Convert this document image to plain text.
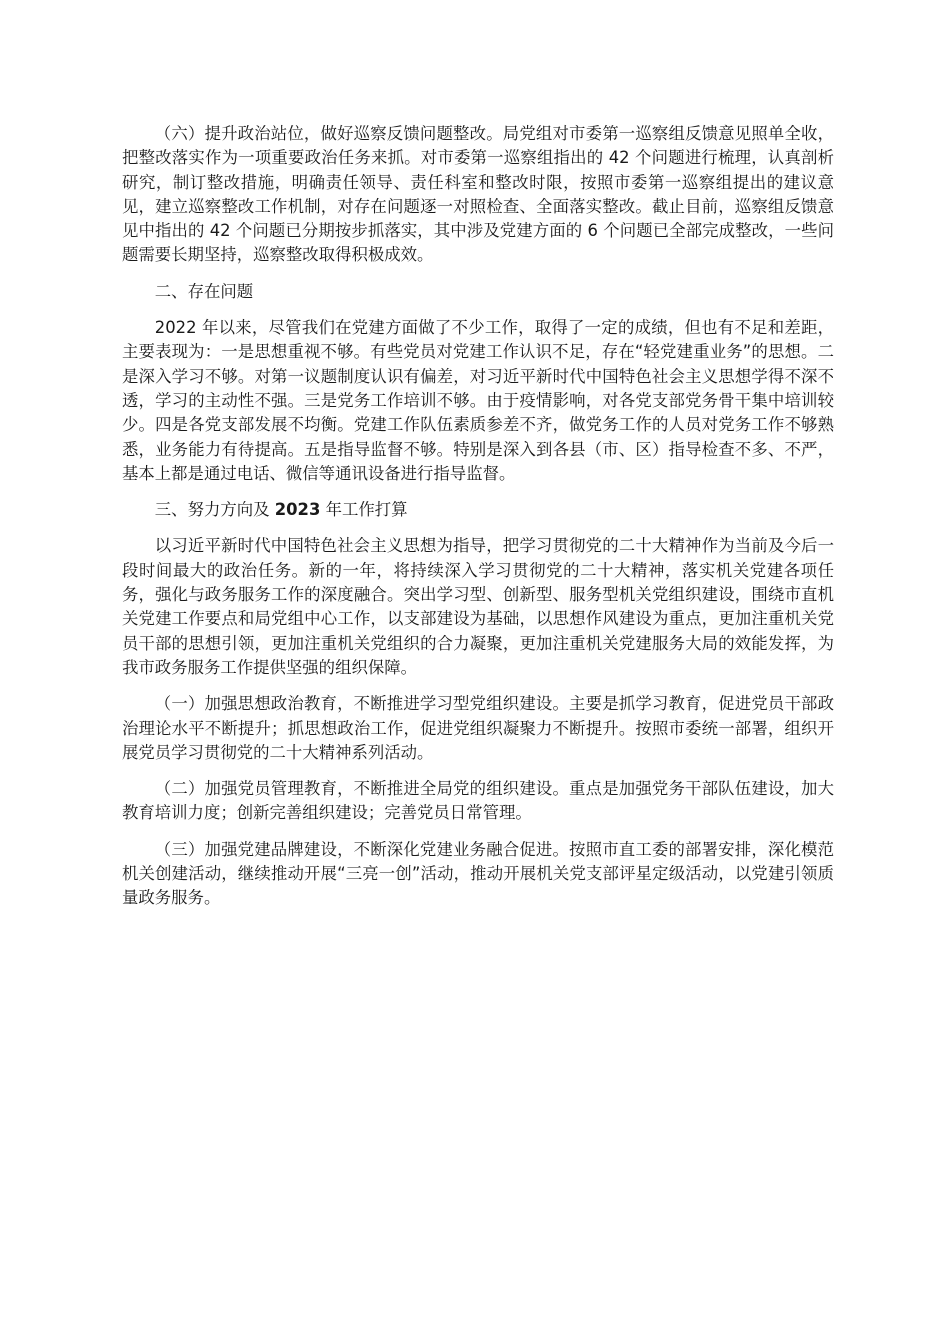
（六）提升政治站位，做好巡察反馈问题整改。局党组对市委第一巡察组反馈意见照单全收，把整改落实作为一项重要政治任务来抓。对市委第一巡察组指出的 42 个问题进行梳理，认真剖析研究，制订整改措施，明确责任领导、责任科室和整改时限，按照市委第一巡察组提出的建议意见，建立巡察整改工作机制，对存在问题逐一对照检查、全面落实整改。截止目前，巡察组反馈意见中指出的 42 个问题已分期按步抓落实，其中涉及党建方面的 6 个问题已全部完成整改，一些问题需要长期坚持，巡察整改取得积极成效。

二、存在问题

2022 年以来，尽管我们在党建方面做了不少工作，取得了一定的成绩，但也有不足和差距，主要表现为：一是思想重视不够。有些党员对党建工作认识不足，存在“轻党建重业务”的思想。二是深入学习不够。对第一议题制度认识有偏差，对习近平新时代中国特色社会主义思想学得不深不透，学习的主动性不强。三是党务工作培训不够。由于疫情影响，对各党支部党务骨干集中培训较少。四是各党支部发展不均衡。党建工作队伍素质参差不齐，做党务工作的人员对党务工作不够熟悉，业务能力有待提高。五是指导监督不够。特别是深入到各县（市、区）指导检查不多、不严，基本上都是通过电话、微信等通讯设备进行指导监督。

三、努力方向及 2023 年工作打算

以习近平新时代中国特色社会主义思想为指导，把学习贯彻党的二十大精神作为当前及今后一段时间最大的政治任务。新的一年，将持续深入学习贯彻党的二十大精神，落实机关党建各项任务，强化与政务服务工作的深度融合。突出学习型、创新型、服务型机关党组织建设，围绕市直机关党建工作要点和局党组中心工作，以支部建设为基础，以思想作风建设为重点，更加注重机关党员干部的思想引领，更加注重机关党组织的合力凝聚，更加注重机关党建服务大局的效能发挥，为我市政务服务工作提供坚强的组织保障。

（一）加强思想政治教育，不断推进学习型党组织建设。主要是抓学习教育，促进党员干部政治理论水平不断提升；抓思想政治工作，促进党组织凝聚力不断提升。按照市委统一部署，组织开展党员学习贯彻党的二十大精神系列活动。

（二）加强党员管理教育，不断推进全局党的组织建设。重点是加强党务干部队伍建设，加大教育培训力度；创新完善组织建设；完善党员日常管理。

（三）加强党建品牌建设，不断深化党建业务融合促进。按照市直工委的部署安排，深化模范机关创建活动，继续推动开展“三亮一创”活动，推动开展机关党支部评星定级活动，以党建引领质量政务服务。
